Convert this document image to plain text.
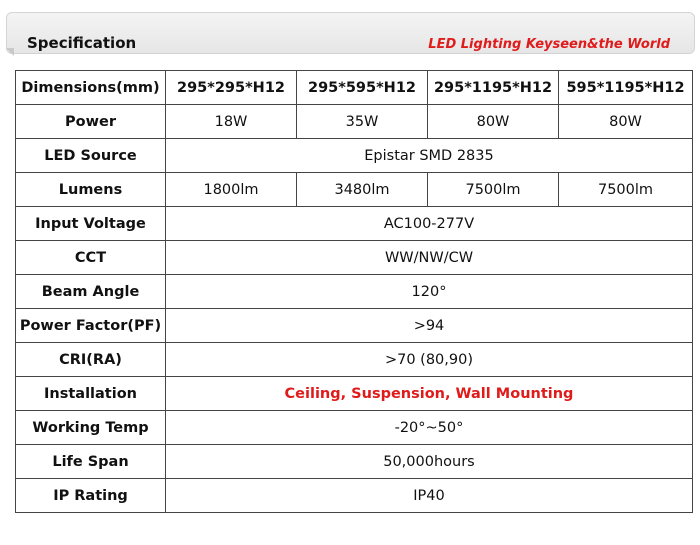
Specification	LED Lighting Keyseen&the World
Dimensions(mm)	295*295*H12	295*595*H12	295*1195*H12	595*1195*H12
Power	18W	35W	80W	80W
LED Source	Epistar SMD 2835			
Lumens	1800lm	3480lm	7500lm	7500lm
Input Voltage	AC100-277V			
CCT	WW/NW/CW			
Beam Angle	120°			
Power Factor(PF)	>94			
CRI(RA)	>70 (80,90)			
Installation	Ceiling, Suspension, Wall Mounting			
Working Temp	-20°~50°			
Life Span	50,000hours			
IP Rating	IP40			
